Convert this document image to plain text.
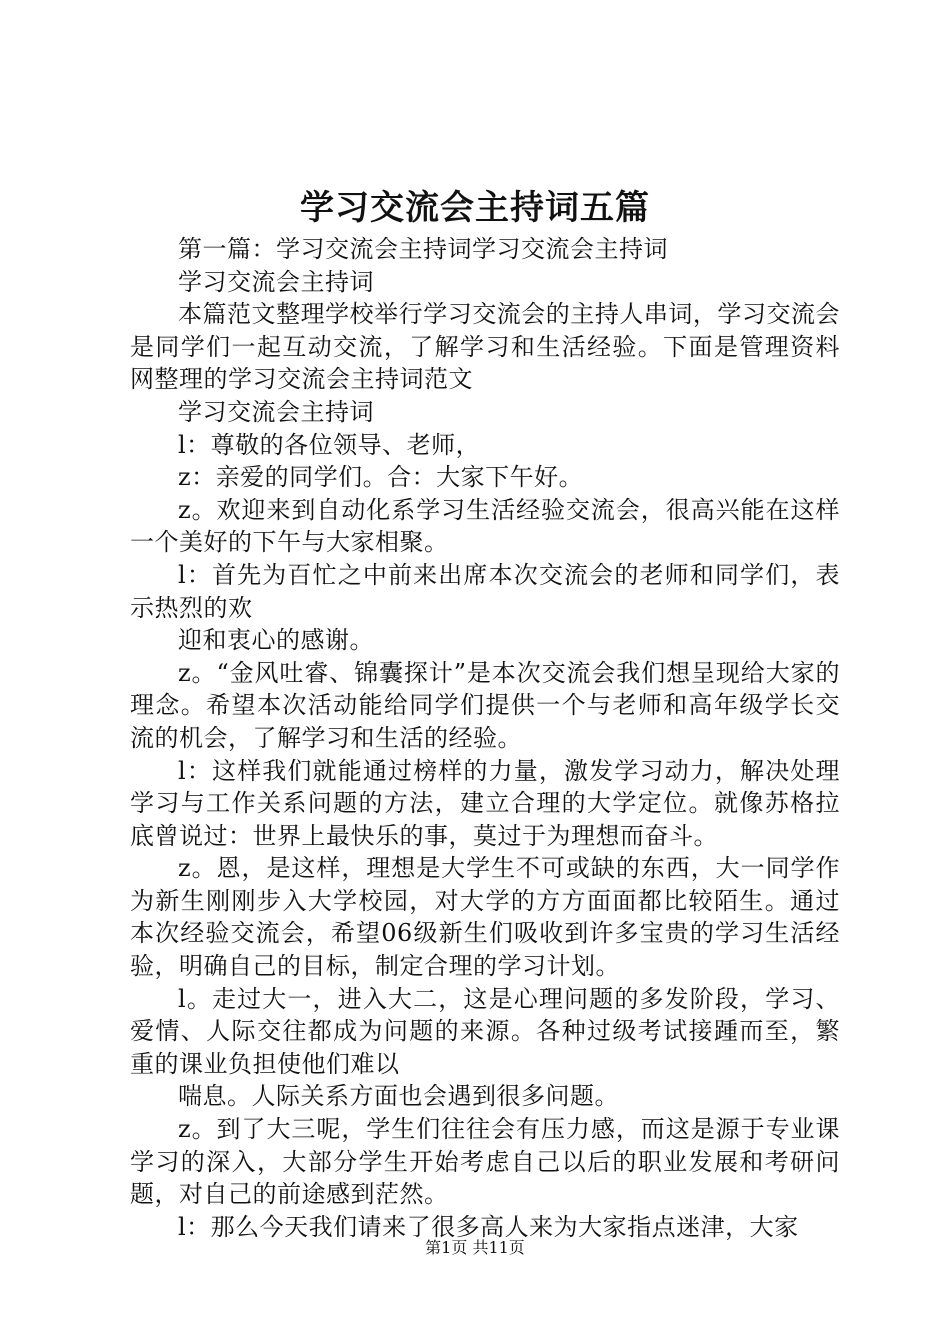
学习交流会主持词五篇

第一篇：学习交流会主持词学习交流会主持词

学习交流会主持词

本篇范文整理学校举行学习交流会的主持人串词，学习交流会是同学们一起互动交流，了解学习和生活经验。下面是管理资料网整理的学习交流会主持词范文

学习交流会主持词

l：尊敬的各位领导、老师，

z：亲爱的同学们。合：大家下午好。

z。欢迎来到自动化系学习生活经验交流会，很高兴能在这样一个美好的下午与大家相聚。

l：首先为百忙之中前来出席本次交流会的老师和同学们，表示热烈的欢

迎和衷心的感谢。

z。“金风吐睿、锦囊探计”是本次交流会我们想呈现给大家的理念。希望本次活动能给同学们提供一个与老师和高年级学长交流的机会，了解学习和生活的经验。

l：这样我们就能通过榜样的力量，激发学习动力，解决处理学习与工作关系问题的方法，建立合理的大学定位。就像苏格拉底曾说过：世界上最快乐的事，莫过于为理想而奋斗。

z。恩，是这样，理想是大学生不可或缺的东西，大一同学作为新生刚刚步入大学校园，对大学的方方面面都比较陌生。通过本次经验交流会，希望06级新生们吸收到许多宝贵的学习生活经验，明确自己的目标，制定合理的学习计划。

l。走过大一，进入大二，这是心理问题的多发阶段，学习、爱情、人际交往都成为问题的来源。各种过级考试接踵而至，繁重的课业负担使他们难以

喘息。人际关系方面也会遇到很多问题。

z。到了大三呢，学生们往往会有压力感，而这是源于专业课学习的深入，大部分学生开始考虑自己以后的职业发展和考研问题，对自己的前途感到茫然。

l：那么今天我们请来了很多高人来为大家指点迷津，大家

第1页 共11页
